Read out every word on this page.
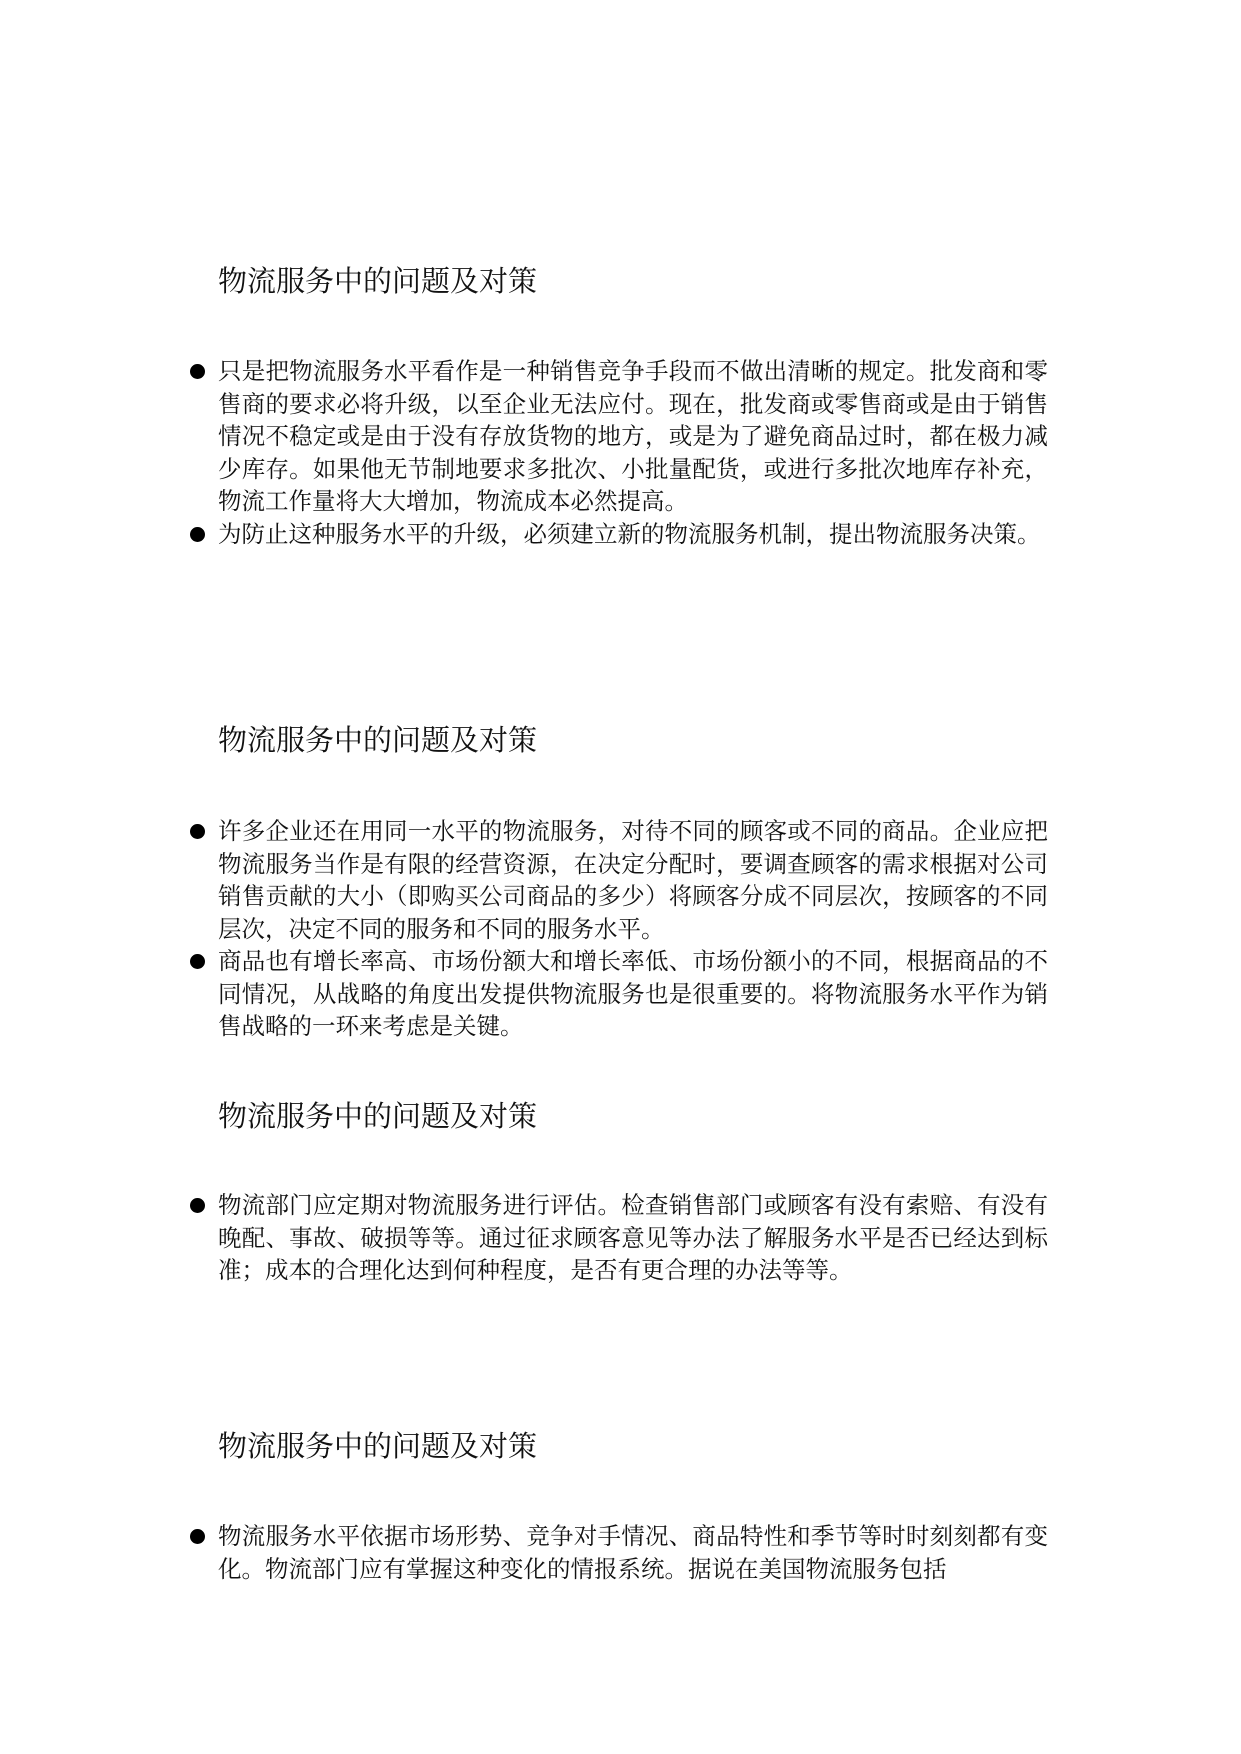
物流服务中的问题及对策
只是把物流服务水平看作是一种销售竞争手段而不做出清晰的规定。批发商和零售商的要求必将升级，以至企业无法应付。现在，批发商或零售商或是由于销售情况不稳定或是由于没有存放货物的地方，或是为了避免商品过时，都在极力减少库存。如果他无节制地要求多批次、小批量配货，或进行多批次地库存补充，物流工作量将大大增加，物流成本必然提高。
为防止这种服务水平的升级，必须建立新的物流服务机制，提出物流服务决策。
物流服务中的问题及对策
许多企业还在用同一水平的物流服务，对待不同的顾客或不同的商品。企业应把物流服务当作是有限的经营资源，在决定分配时，要调查顾客的需求根据对公司销售贡献的大小（即购买公司商品的多少）将顾客分成不同层次，按顾客的不同层次，决定不同的服务和不同的服务水平。
商品也有增长率高、市场份额大和增长率低、市场份额小的不同，根据商品的不同情况，从战略的角度出发提供物流服务也是很重要的。将物流服务水平作为销售战略的一环来考虑是关键。
物流服务中的问题及对策
物流部门应定期对物流服务进行评估。检查销售部门或顾客有没有索赔、有没有晚配、事故、破损等等。通过征求顾客意见等办法了解服务水平是否已经达到标准；成本的合理化达到何种程度，是否有更合理的办法等等。
物流服务中的问题及对策
物流服务水平依据市场形势、竞争对手情况、商品特性和季节等时时刻刻都有变化。物流部门应有掌握这种变化的情报系统。据说在美国物流服务包括
